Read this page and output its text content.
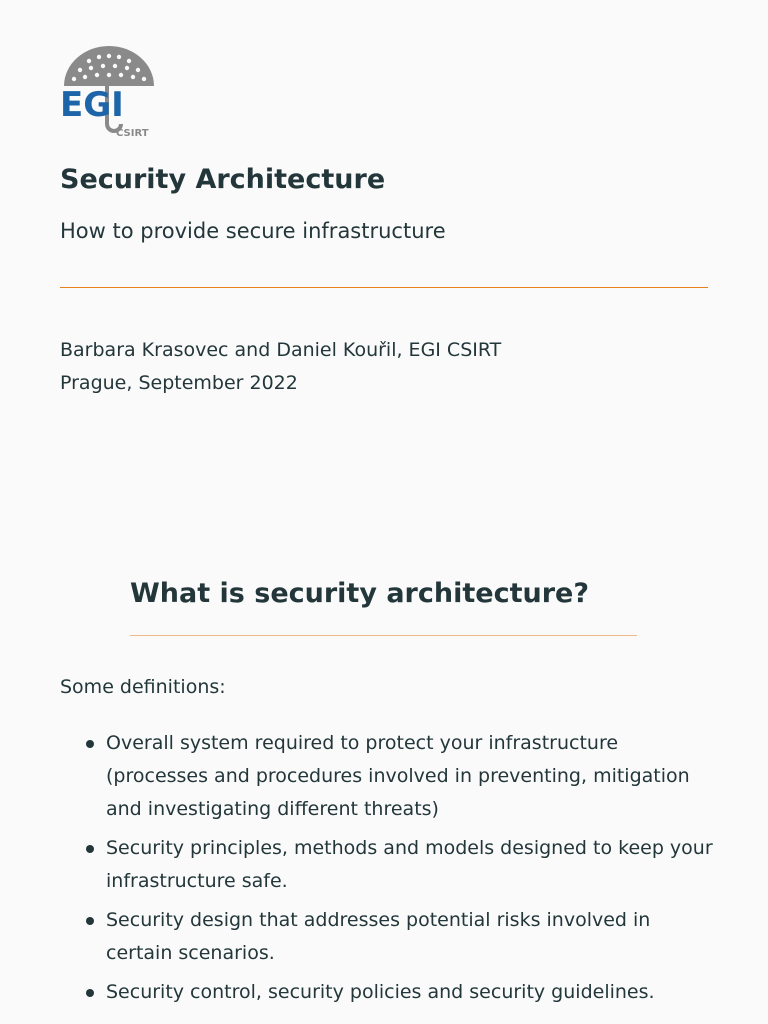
EGI
CSIRT
Security Architecture

How to provide secure infrastructure

Barbara Krasovec and Daniel Kouřil, EGI CSIRT

Prague, September 2022

What is security architecture?

Some definitions:

Overall system required to protect your infrastructure (processes and procedures involved in preventing, mitigation and investigating different threats)
Security principles, methods and models designed to keep your infrastructure safe.
Security design that addresses potential risks involved in certain scenarios.
Security control, security policies and security guidelines.
